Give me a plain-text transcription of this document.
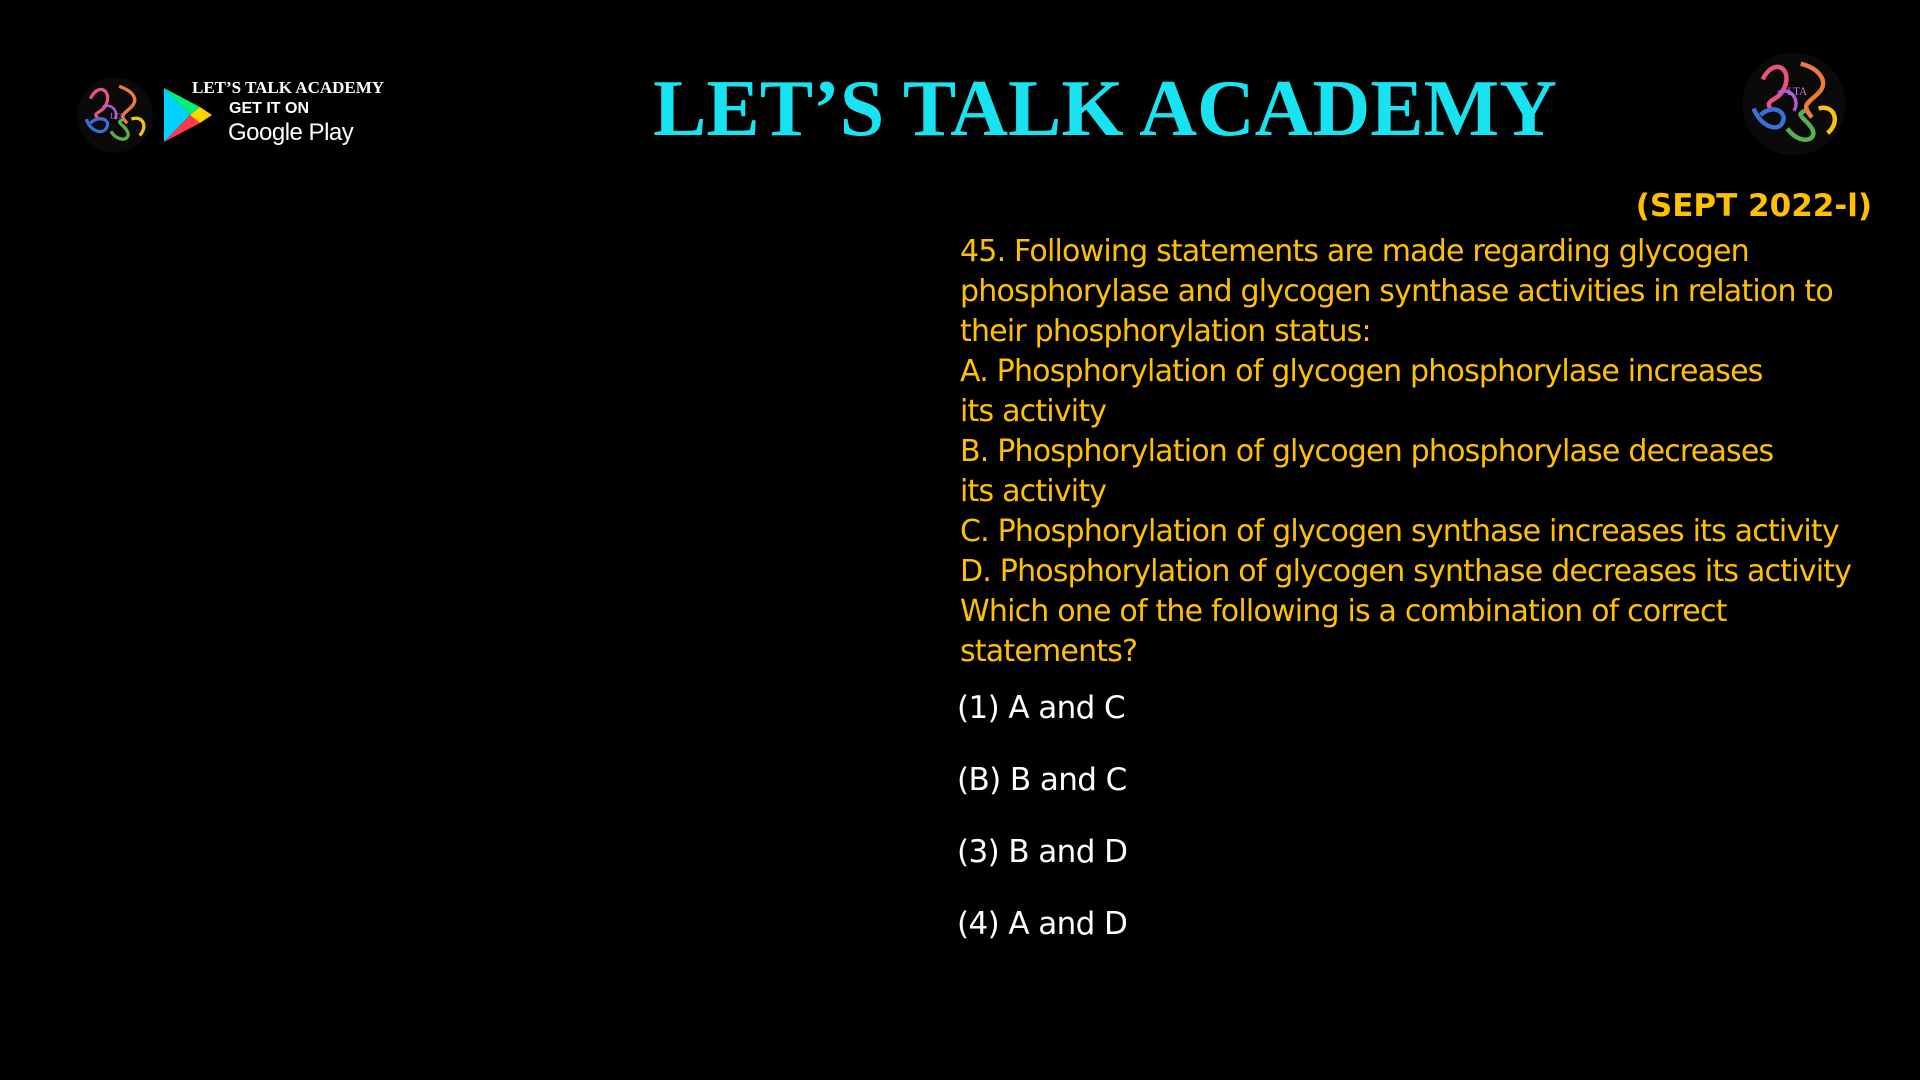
LTA
LET’S TALK ACADEMY
GET IT ON
Google Play	LET’S TALK ACADEMY	LTA
(SEPT 2022-l)
45. Following statements are made regarding glycogen
phosphorylase and glycogen synthase activities in relation to
their phosphorylation status:
A. Phosphorylation of glycogen phosphorylase increases
its activity
B. Phosphorylation of glycogen phosphorylase decreases
its activity
C. Phosphorylation of glycogen synthase increases its activity
D. Phosphorylation of glycogen synthase decreases its activity
Which one of the following is a combination of correct
statements?
(1) A and C
(B) B and C
(3) B and D
(4) A and D
